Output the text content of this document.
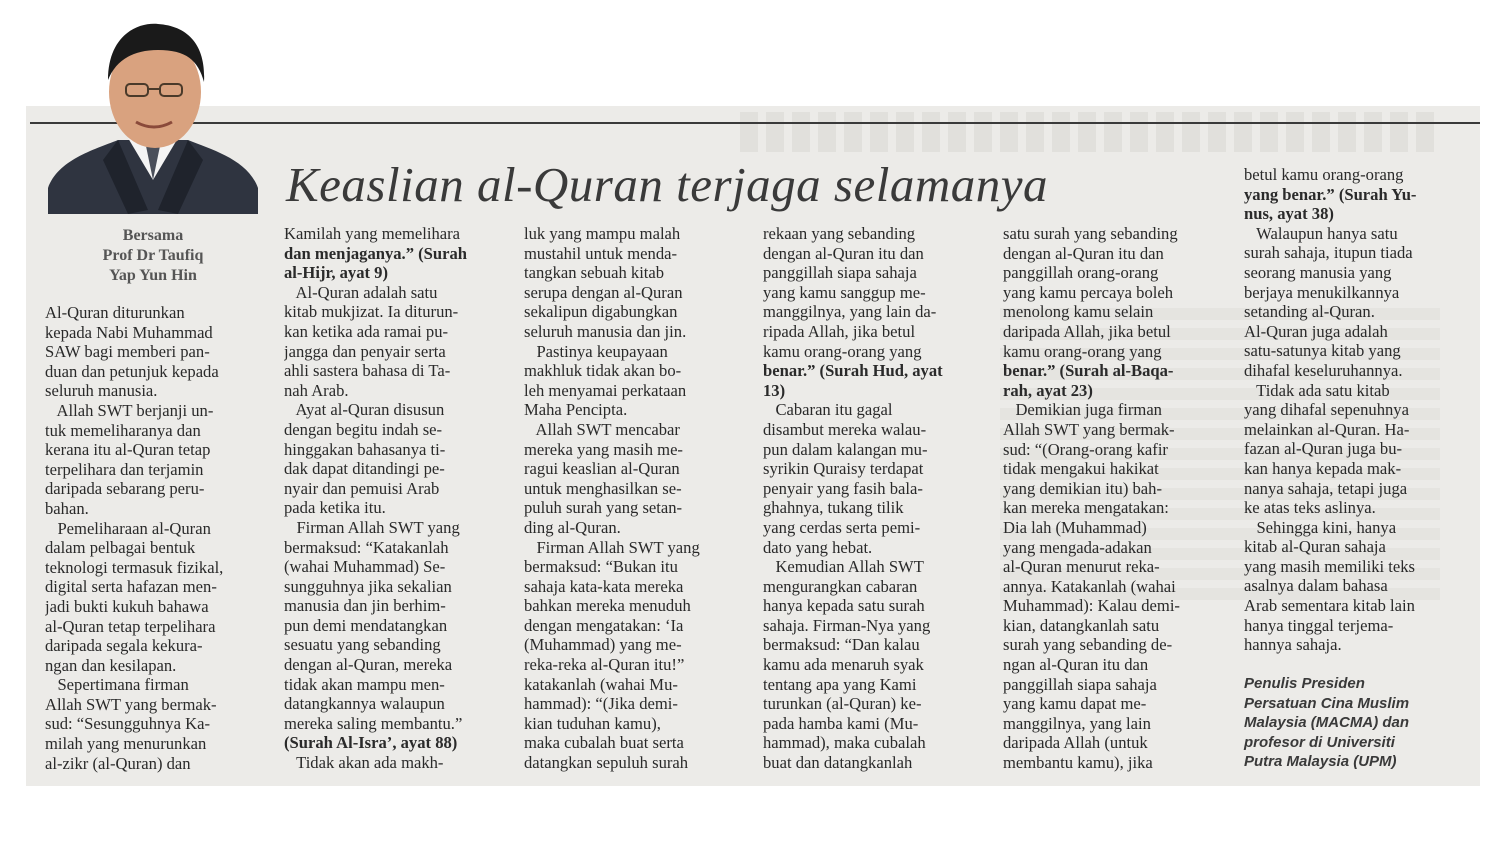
Bersama
Prof Dr Taufiq
Yap Yun Hin
Keaslian al-Quran terjaga selamanya
Al-Quran diturunkan
kepada Nabi Muhammad
SAW bagi memberi pan-
duan dan petunjuk kepada
seluruh manusia.
Allah SWT berjanji un-
tuk memeliharanya dan
kerana itu al-Quran tetap
terpelihara dan terjamin
daripada sebarang peru-
bahan.
Pemeliharaan al-Quran
dalam pelbagai bentuk
teknologi termasuk fizikal,
digital serta hafazan men-
jadi bukti kukuh bahawa
al-Quran tetap terpelihara
daripada segala kekura-
ngan dan kesilapan.
Sepertimana firman
Allah SWT yang bermak-
sud: “Sesungguhnya Ka-
milah yang menurunkan
al-zikr (al-Quran) dan
Kamilah yang memelihara
dan menjaganya.” (Surah
al-Hijr, ayat 9)
Al-Quran adalah satu
kitab mukjizat. Ia diturun-
kan ketika ada ramai pu-
jangga dan penyair serta
ahli sastera bahasa di Ta-
nah Arab.
Ayat al-Quran disusun
dengan begitu indah se-
hinggakan bahasanya ti-
dak dapat ditandingi pe-
nyair dan pemuisi Arab
pada ketika itu.
Firman Allah SWT yang
bermaksud: “Katakanlah
(wahai Muhammad) Se-
sungguhnya jika sekalian
manusia dan jin berhim-
pun demi mendatangkan
sesuatu yang sebanding
dengan al-Quran, mereka
tidak akan mampu men-
datangkannya walaupun
mereka saling membantu.”
(Surah Al-Isra’, ayat 88)
Tidak akan ada makh-
luk yang mampu malah
mustahil untuk menda-
tangkan sebuah kitab
serupa dengan al-Quran
sekalipun digabungkan
seluruh manusia dan jin.
Pastinya keupayaan
makhluk tidak akan bo-
leh menyamai perkataan
Maha Pencipta.
Allah SWT mencabar
mereka yang masih me-
ragui keaslian al-Quran
untuk menghasilkan se-
puluh surah yang setan-
ding al-Quran.
Firman Allah SWT yang
bermaksud: “Bukan itu
sahaja kata-kata mereka
bahkan mereka menuduh
dengan mengatakan: ‘Ia
(Muhammad) yang me-
reka-reka al-Quran itu!”
katakanlah (wahai Mu-
hammad): “(Jika demi-
kian tuduhan kamu),
maka cubalah buat serta
datangkan sepuluh surah
rekaan yang sebanding
dengan al-Quran itu dan
panggillah siapa sahaja
yang kamu sanggup me-
manggilnya, yang lain da-
ripada Allah, jika betul
kamu orang-orang yang
benar.” (Surah Hud, ayat
13)
Cabaran itu gagal
disambut mereka walau-
pun dalam kalangan mu-
syrikin Quraisy terdapat
penyair yang fasih bala-
ghahnya, tukang tilik
yang cerdas serta pemi-
dato yang hebat.
Kemudian Allah SWT
mengurangkan cabaran
hanya kepada satu surah
sahaja. Firman-Nya yang
bermaksud: “Dan kalau
kamu ada menaruh syak
tentang apa yang Kami
turunkan (al-Quran) ke-
pada hamba kami (Mu-
hammad), maka cubalah
buat dan datangkanlah
satu surah yang sebanding
dengan al-Quran itu dan
panggillah orang-orang
yang kamu percaya boleh
menolong kamu selain
daripada Allah, jika betul
kamu orang-orang yang
benar.” (Surah al-Baqa-
rah, ayat 23)
Demikian juga firman
Allah SWT yang bermak-
sud: “(Orang-orang kafir
tidak mengakui hakikat
yang demikian itu) bah-
kan mereka mengatakan:
Dia lah (Muhammad)
yang mengada-adakan
al-Quran menurut reka-
annya. Katakanlah (wahai
Muhammad): Kalau demi-
kian, datangkanlah satu
surah yang sebanding de-
ngan al-Quran itu dan
panggillah siapa sahaja
yang kamu dapat me-
manggilnya, yang lain
daripada Allah (untuk
membantu kamu), jika
betul kamu orang-orang
yang benar.” (Surah Yu-
nus, ayat 38)
Walaupun hanya satu
surah sahaja, itupun tiada
seorang manusia yang
berjaya menukilkannya
setanding al-Quran.
Al-Quran juga adalah
satu-satunya kitab yang
dihafal keseluruhannya.
Tidak ada satu kitab
yang dihafal sepenuhnya
melainkan al-Quran. Ha-
fazan al-Quran juga bu-
kan hanya kepada mak-
nanya sahaja, tetapi juga
ke atas teks aslinya.
Sehingga kini, hanya
kitab al-Quran sahaja
yang masih memiliki teks
asalnya dalam bahasa
Arab sementara kitab lain
hanya tinggal terjema-
hannya sahaja.
Penulis Presiden
Persatuan Cina Muslim
Malaysia (MACMA) dan
profesor di Universiti
Putra Malaysia (UPM)
